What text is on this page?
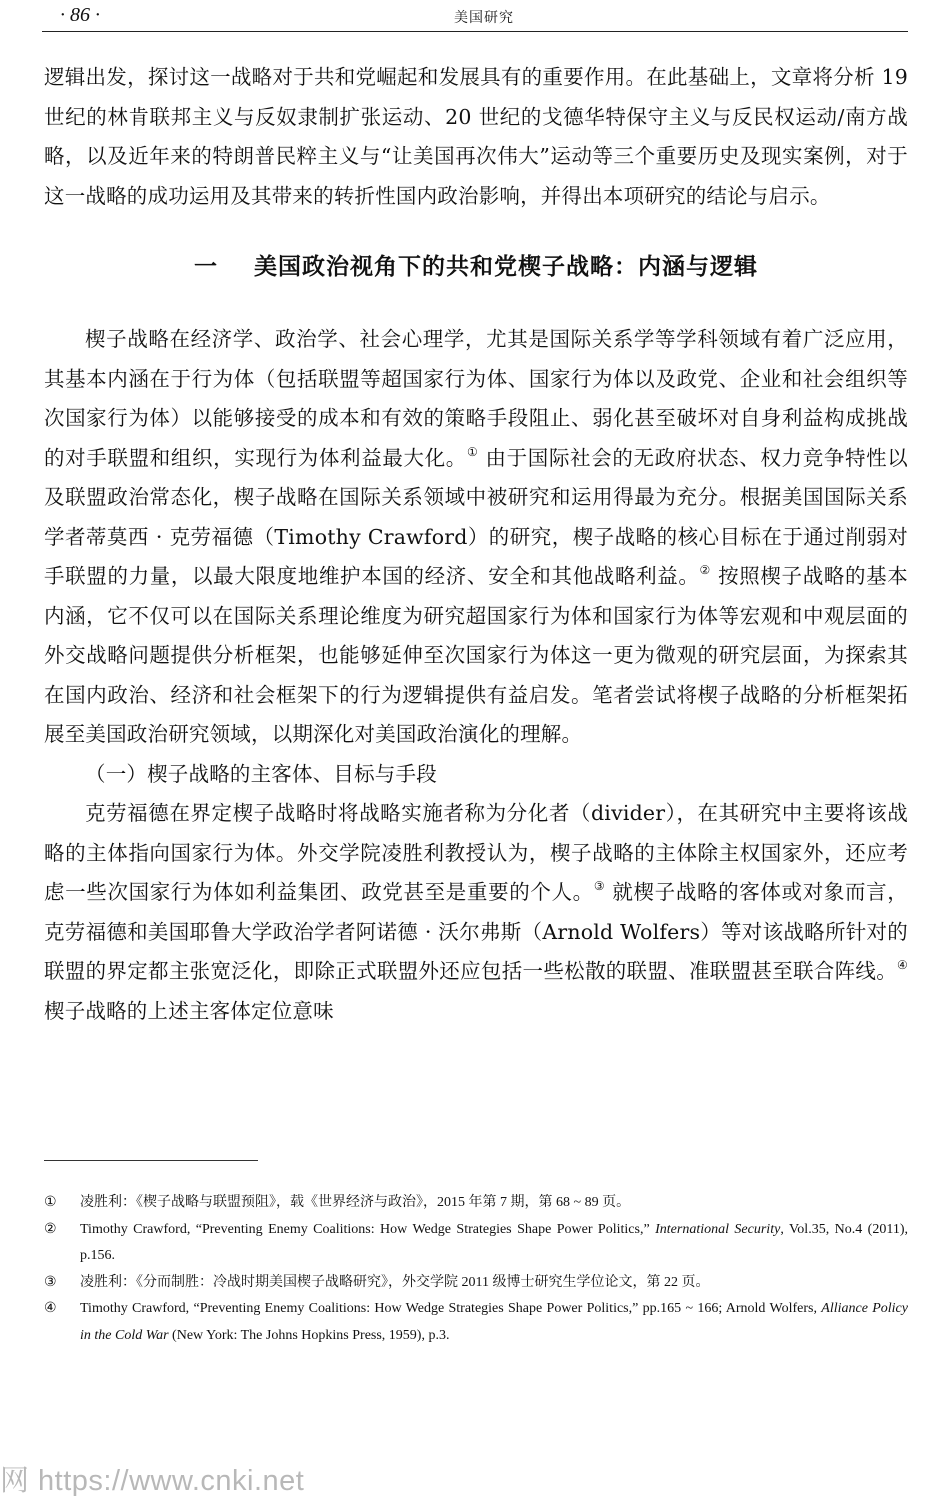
· 86 ·	美国研究

逻辑出发，探讨这一战略对于共和党崛起和发展具有的重要作用。在此基础上，文章将分析 19 世纪的林肯联邦主义与反奴隶制扩张运动、20 世纪的戈德华特保守主义与反民权运动/南方战略，以及近年来的特朗普民粹主义与“让美国再次伟大”运动等三个重要历史及现实案例，对于这一战略的成功运用及其带来的转折性国内政治影响，并得出本项研究的结论与启示。

一 美国政治视角下的共和党楔子战略：内涵与逻辑

楔子战略在经济学、政治学、社会心理学，尤其是国际关系学等学科领域有着广泛应用，其基本内涵在于行为体（包括联盟等超国家行为体、国家行为体以及政党、企业和社会组织等次国家行为体）以能够接受的成本和有效的策略手段阻止、弱化甚至破坏对自身利益构成挑战的对手联盟和组织，实现行为体利益最大化。① 由于国际社会的无政府状态、权力竞争特性以及联盟政治常态化，楔子战略在国际关系领域中被研究和运用得最为充分。根据美国国际关系学者蒂莫西 · 克劳福德（Timothy Crawford）的研究，楔子战略的核心目标在于通过削弱对手联盟的力量，以最大限度地维护本国的经济、安全和其他战略利益。② 按照楔子战略的基本内涵，它不仅可以在国际关系理论维度为研究超国家行为体和国家行为体等宏观和中观层面的外交战略问题提供分析框架，也能够延伸至次国家行为体这一更为微观的研究层面，为探索其在国内政治、经济和社会框架下的行为逻辑提供有益启发。笔者尝试将楔子战略的分析框架拓展至美国政治研究领域，以期深化对美国政治演化的理解。

（一）楔子战略的主客体、目标与手段

克劳福德在界定楔子战略时将战略实施者称为分化者（divider），在其研究中主要将该战略的主体指向国家行为体。外交学院凌胜利教授认为，楔子战略的主体除主权国家外，还应考虑一些次国家行为体如利益集团、政党甚至是重要的个人。③ 就楔子战略的客体或对象而言，克劳福德和美国耶鲁大学政治学者阿诺德 · 沃尔弗斯（Arnold Wolfers）等对该战略所针对的联盟的界定都主张宽泛化，即除正式联盟外还应包括一些松散的联盟、准联盟甚至联合阵线。④ 楔子战略的上述主客体定位意味

① 凌胜利：《楔子战略与联盟预阻》，载《世界经济与政治》，2015 年第 7 期，第 68 ~ 89 页。
② Timothy Crawford, “Preventing Enemy Coalitions: How Wedge Strategies Shape Power Politics,” International Security, Vol.35, No.4 (2011), p.156.
③ 凌胜利：《分而制胜：冷战时期美国楔子战略研究》，外交学院 2011 级博士研究生学位论文，第 22 页。
④ Timothy Crawford, “Preventing Enemy Coalitions: How Wedge Strategies Shape Power Politics,” pp.165 ~ 166; Arnold Wolfers, Alliance Policy in the Cold War (New York: The Johns Hopkins Press, 1959), p.3.
网 https://www.cnki.net
